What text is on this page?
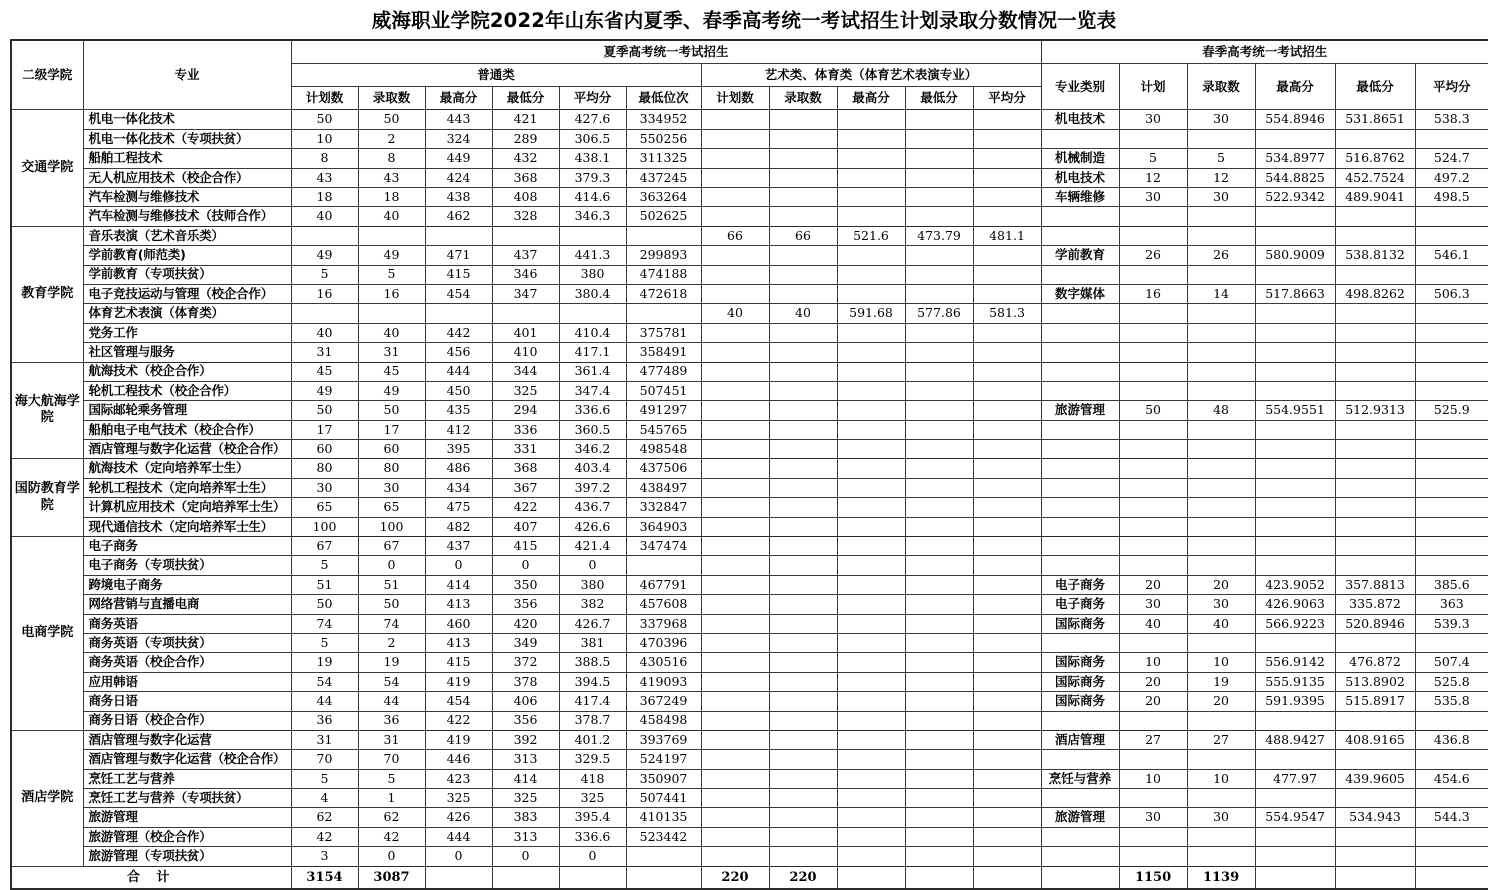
威海职业学院2022年山东省内夏季、春季高考统一考试招生计划录取分数情况一览表
二级学院	专业	夏季高考统一考试招生											春季高考统一考试招生					
		普通类						艺术类、体育类（体育艺术表演专业）					专业类别	计划	录取数	最高分	最低分	平均分
		计划数	录取数	最高分	最低分	平均分	最低位次	计划数	录取数	最高分	最低分	平均分						
交通学院	机电一体化技术	50	50	443	421	427.6	334952						机电技术	30	30	554.8946	531.8651	538.3
	机电一体化技术（专项扶贫）	10	2	324	289	306.5	550256											
	船舶工程技术	8	8	449	432	438.1	311325						机械制造	5	5	534.8977	516.8762	524.7
	无人机应用技术（校企合作）	43	43	424	368	379.3	437245						机电技术	12	12	544.8825	452.7524	497.2
	汽车检测与维修技术	18	18	438	408	414.6	363264						车辆维修	30	30	522.9342	489.9041	498.5
	汽车检测与维修技术（技师合作）	40	40	462	328	346.3	502625											
教育学院	音乐表演（艺术音乐类）							66	66	521.6	473.79	481.1						
	学前教育(师范类)	49	49	471	437	441.3	299893						学前教育	26	26	580.9009	538.8132	546.1
	学前教育（专项扶贫）	5	5	415	346	380	474188											
	电子竞技运动与管理（校企合作）	16	16	454	347	380.4	472618						数字媒体	16	14	517.8663	498.8262	506.3
	体育艺术表演（体育类）							40	40	591.68	577.86	581.3						
	党务工作	40	40	442	401	410.4	375781											
	社区管理与服务	31	31	456	410	417.1	358491											
海大航海学院	航海技术（校企合作）	45	45	444	344	361.4	477489											
	轮机工程技术（校企合作）	49	49	450	325	347.4	507451											
	国际邮轮乘务管理	50	50	435	294	336.6	491297						旅游管理	50	48	554.9551	512.9313	525.9
	船舶电子电气技术（校企合作）	17	17	412	336	360.5	545765											
	酒店管理与数字化运营（校企合作）	60	60	395	331	346.2	498548											
国防教育学院	航海技术（定向培养军士生）	80	80	486	368	403.4	437506											
	轮机工程技术（定向培养军士生）	30	30	434	367	397.2	438497											
	计算机应用技术（定向培养军士生）	65	65	475	422	436.7	332847											
	现代通信技术（定向培养军士生）	100	100	482	407	426.6	364903											
电商学院	电子商务	67	67	437	415	421.4	347474											
	电子商务（专项扶贫）	5	0	0	0	0												
	跨境电子商务	51	51	414	350	380	467791						电子商务	20	20	423.9052	357.8813	385.6
	网络营销与直播电商	50	50	413	356	382	457608						电子商务	30	30	426.9063	335.872	363
	商务英语	74	74	460	420	426.7	337968						国际商务	40	40	566.9223	520.8946	539.3
	商务英语（专项扶贫）	5	2	413	349	381	470396											
	商务英语（校企合作）	19	19	415	372	388.5	430516						国际商务	10	10	556.9142	476.872	507.4
	应用韩语	54	54	419	378	394.5	419093						国际商务	20	19	555.9135	513.8902	525.8
	商务日语	44	44	454	406	417.4	367249						国际商务	20	20	591.9395	515.8917	535.8
	商务日语（校企合作）	36	36	422	356	378.7	458498											
酒店学院	酒店管理与数字化运营	31	31	419	392	401.2	393769						酒店管理	27	27	488.9427	408.9165	436.8
	酒店管理与数字化运营（校企合作）	70	70	446	313	329.5	524197											
	烹饪工艺与营养	5	5	423	414	418	350907						烹饪与营养	10	10	477.97	439.9605	454.6
	烹饪工艺与营养（专项扶贫）	4	1	325	325	325	507441											
	旅游管理	62	62	426	383	395.4	410135						旅游管理	30	30	554.9547	534.943	544.3
	旅游管理（校企合作）	42	42	444	313	336.6	523442											
	旅游管理（专项扶贫）	3	0	0	0	0												
合 计		3154	3087					220	220					1150	1139			
